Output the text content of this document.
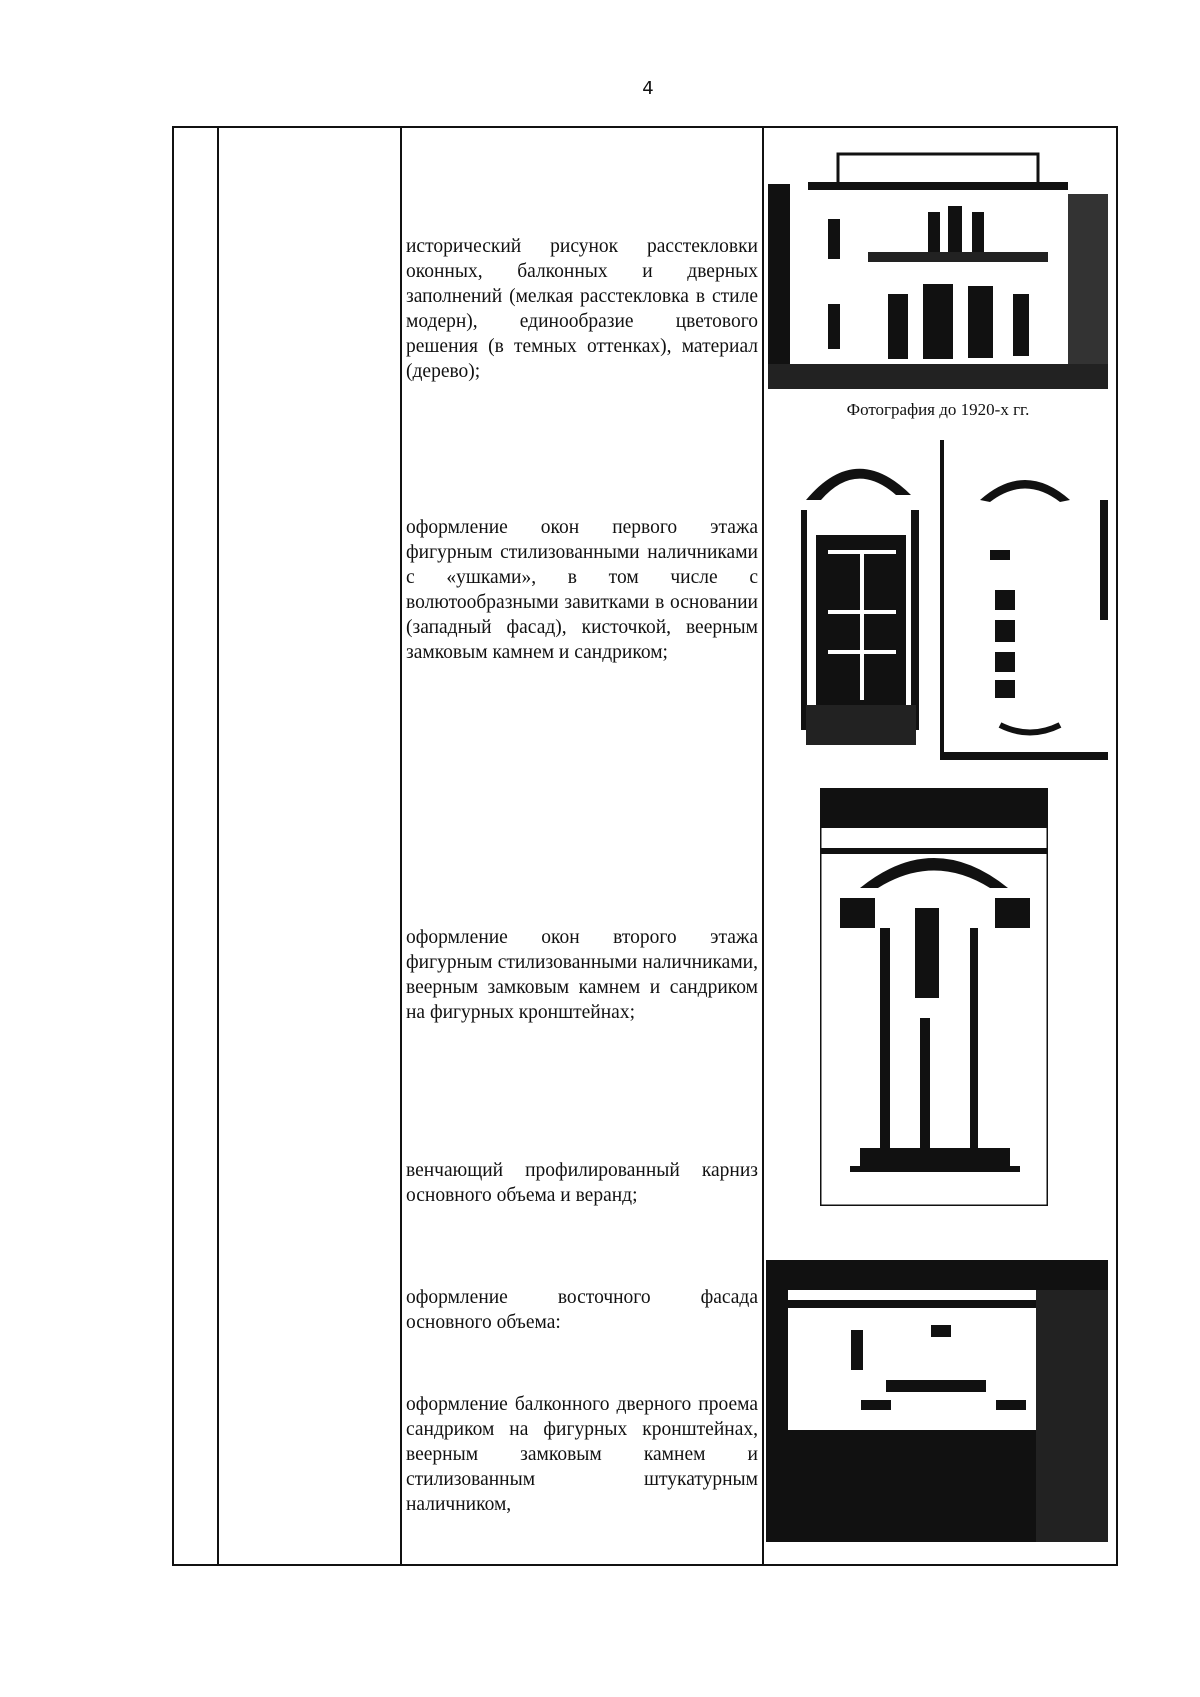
4
исторический рисунок расстекловки оконных, балконных и дверных заполнений (мелкая расстекловка в стиле модерн), единообразие цветового решения (в темных оттенках), материал (дерево);
оформление окон первого этажа фигурным стилизованными наличниками с «ушками», в том числе с волютообразными завитками в основании (западный фасад), кисточкой, веерным замковым камнем и сандриком;
оформление окон второго этажа фигурным стилизованными наличниками, веерным замковым камнем и сандриком на фигурных кронштейнах;
венчающий профилированный карниз основного объема и веранд;
оформление восточного фасада основного объема:
оформление балконного дверного проема сандриком на фигурных кронштейнах, веерным замковым камнем и стилизованным штукатурным наличником,
Фотография до 1920-х гг.
